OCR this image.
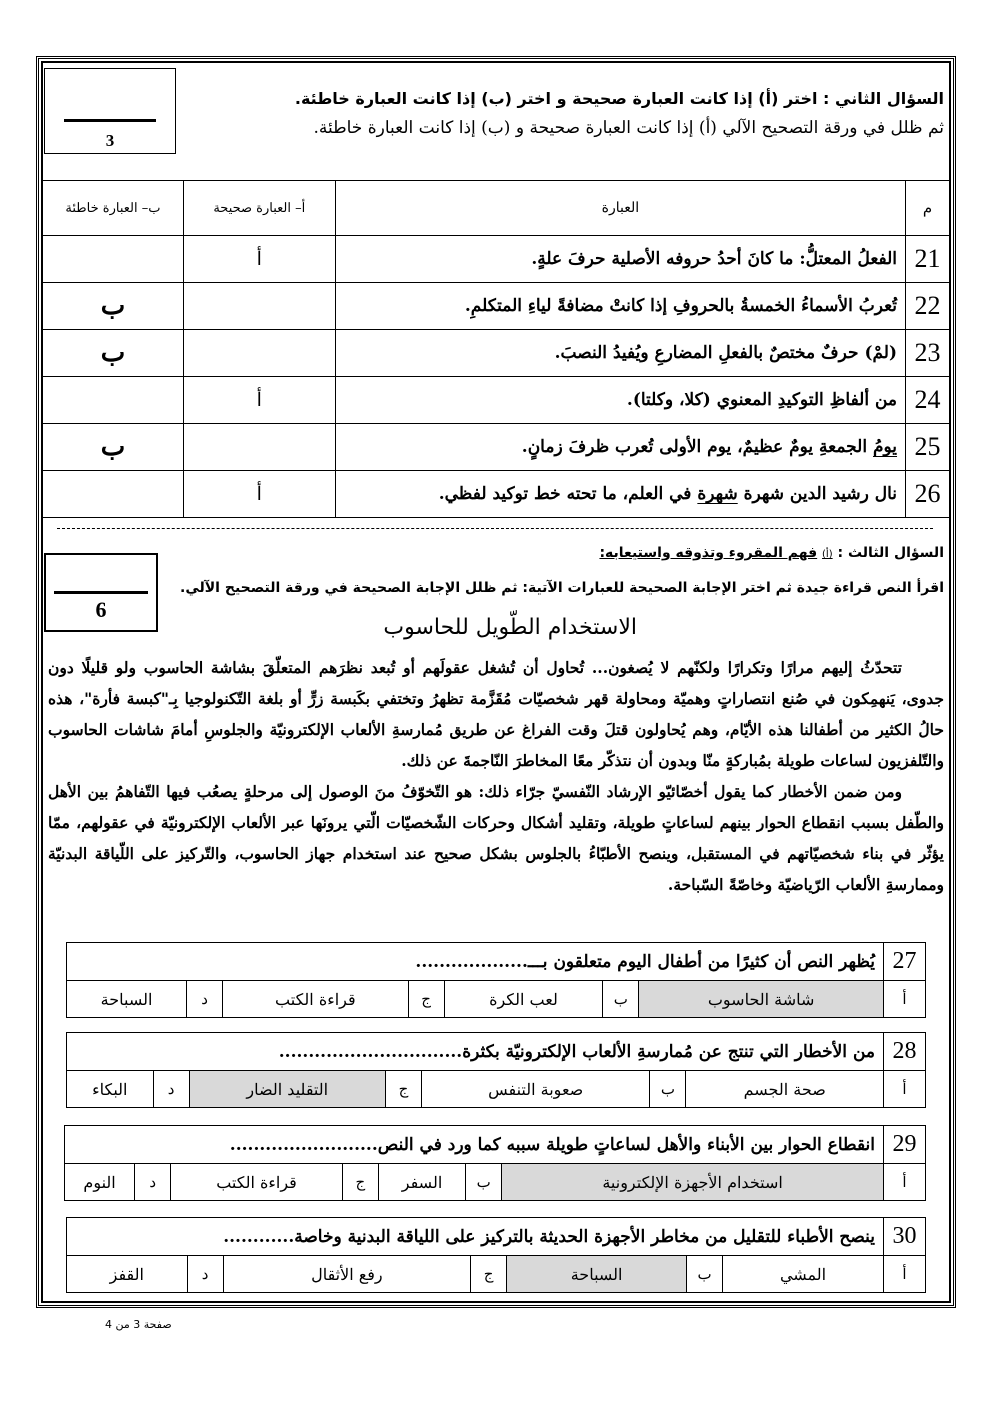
السؤال الثاني : اختر (أ) إذا كانت العبارة صحيحة و اختر (ب) إذا كانت العبارة خاطئة.
ثم ظلل في ورقة التصحيح الآلي (أ) إذا كانت العبارة صحيحة و (ب) إذا كانت العبارة خاطئة.
3
م	العبارة	أ– العبارة صحيحة	ب– العبارة خاطئة
21	الفعلُ المعتلُّ: ما كانَ أحدُ حروفه الأصلية حرفَ علةٍ.	أ	
22	تُعربُ الأسماءُ الخمسةُ بالحروفِ إذا كانتْ مضافةً لياءِ المتكلمِ.		ب
23	(لمْ) حرفٌ مختصٌ بالفعلِ المضارعِ ويُفيدُ النصبَ.		ب
24	من ألفاظِ التوكيدِ المعنوي (كلا، وكلتا).	أ	
25	يومُ الجمعةِ يومٌ عظيمٌ، يوم الأولى تُعرب ظرفَ زمانٍ.		ب
26	نال رشيد الدين شهرة شهرة في العلم، ما تحته خط توكيد لفظي.	أ	
السؤال الثالث : (أ) فهم المقروء وتذوقه واستيعابه:
اقرأ النص قراءة جيدة ثم اختر الإجابة الصحيحة للعبارات الآتية: ثم ظلل الإجابة الصحيحة في ورقة التصحيح الآلي.
6
الاستخدام الطّويل للحاسوب

تتحدّثُ إليهم مرارًا وتكرارًا ولكنّهم لا يُصغون... تُحاول أن تُشغل عقولَهم أو تُبعد نظرَهم المتعلّقَ بشاشة الحاسوب ولو قليلًا دون جدوى، يَنهمِكون في صُنع انتصاراتٍ وهميّة ومحاولة قهر شخصيّات مُقَزَّمة تظهرُ وتختفي بكَبسة زرٍّ أو بلغة التّكنولوجيا بِـ"كبسة فأرة"، هذه حالُ الكثير من أطفالنا هذه الأيّام، وهم يُحاولون قتلَ وقت الفراغ عن طريق مُمارسةِ الألعاب الإلكترونيّة والجلوسِ أمامَ شاشات الحاسوب والتّلفزيون لساعات طويلة بمُباركةٍ منّا وبدون أن نتذكّر معًا المخاطرَ النّاجمةَ عن ذلك.

ومن ضمن الأخطار كما يقول أخصّائيّو الإرشاد النّفسيّ جرّاء ذلك: هو التّخوّفُ منَ الوصول إلى مرحلةٍ يصعُب فيها التّفاهمُ بين الأهل والطّفل بسبب انقطاع الحوار بينهم لساعاتٍ طويلة، وتقليد أشكال وحركات الشّخصيّات الّتي يرونَها عبر الألعاب الإلكترونيّة في عقولهم، ممّا يؤثّر في بناء شخصيّاتهم في المستقبل، وينصح الأطبّاءُ بالجلوس بشكل صحيح عند استخدام جهاز الحاسوب، والتّركيز على اللّياقة البدنيّة وممارسةِ الألعاب الرّياضيّة وخاصّةً السّباحة.

27	يُظهر النص أن كثيرًا من أطفال اليوم متعلقون بـــ...................						
أ	شاشة الحاسوب	ب	لعب الكرة	ج	قراءة الكتب	د	السباحة
28	من الأخطار التي تنتج عن مُمارسةِ الألعاب الإلكترونيّة بكثرة...............................						
أ	صحة الجسم	ب	صعوبة التنفس	ج	التقليد الضار	د	البكاء
29	انقطاع الحوار بين الأبناء والأهل لساعاتٍ طويلة سببه كما ورد في النص.........................						
أ	استخدام الأجهزة الإلكترونية	ب	السفر	ج	قراءة الكتب	د	النوم
30	ينصح الأطباء للتقليل من مخاطر الأجهزة الحديثة بالتركيز على اللياقة البدنية وخاصة............						
أ	المشي	ب	السباحة	ج	رفع الأثقال	د	القفز
صفحة 3 من 4
